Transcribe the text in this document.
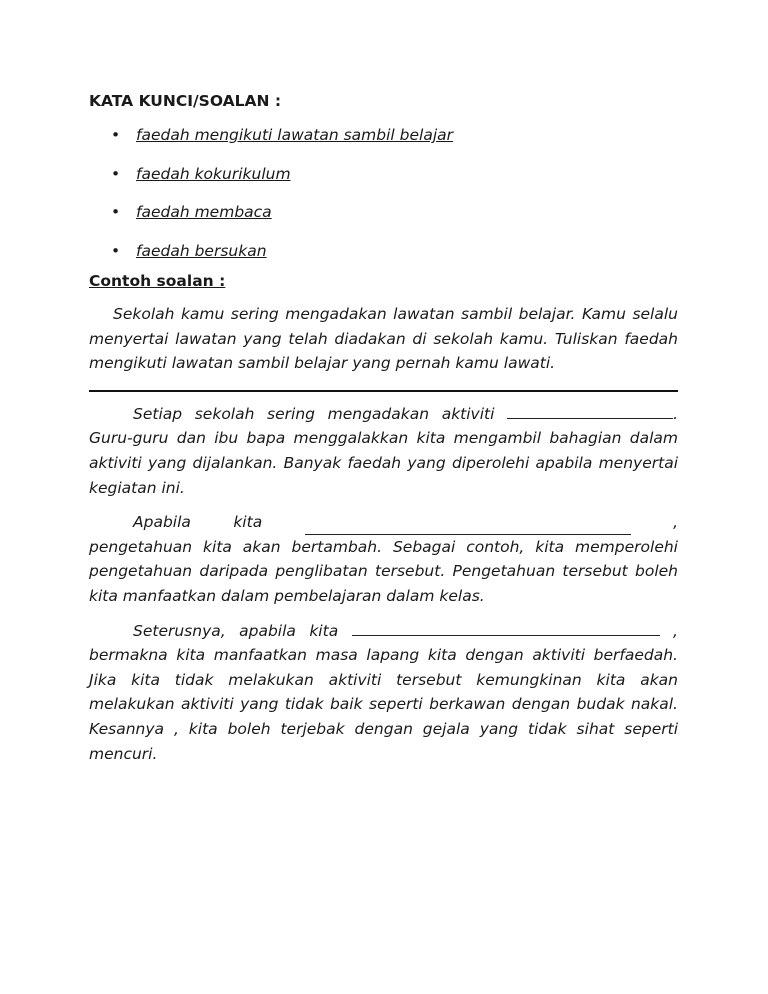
KATA KUNCI/SOALAN :
• faedah mengikuti lawatan sambil belajar
• faedah kokurikulum
• faedah membaca
• faedah bersukan
Contoh soalan :

Sekolah kamu sering mengadakan lawatan sambil belajar. Kamu selalu menyertai lawatan yang telah diadakan di sekolah kamu. Tuliskan faedah mengikuti lawatan sambil belajar yang pernah kamu lawati.

Setiap sekolah sering mengadakan aktiviti	. Guru-guru dan ibu bapa menggalakkan kita mengambil bahagian dalam aktiviti yang dijalankan. Banyak faedah yang diperolehi apabila menyertai kegiatan ini.

Apabila	kita	,

pengetahuan kita akan bertambah. Sebagai contoh, kita memperolehi pengetahuan daripada penglibatan tersebut. Pengetahuan tersebut boleh kita manfaatkan dalam pembelajaran dalam kelas.

Seterusnya, apabila kita	, bermakna kita manfaatkan masa lapang kita dengan aktiviti berfaedah. Jika kita tidak melakukan aktiviti tersebut kemungkinan kita akan melakukan aktiviti yang tidak baik seperti berkawan dengan budak nakal. Kesannya , kita boleh terjebak dengan gejala yang tidak sihat seperti mencuri.
